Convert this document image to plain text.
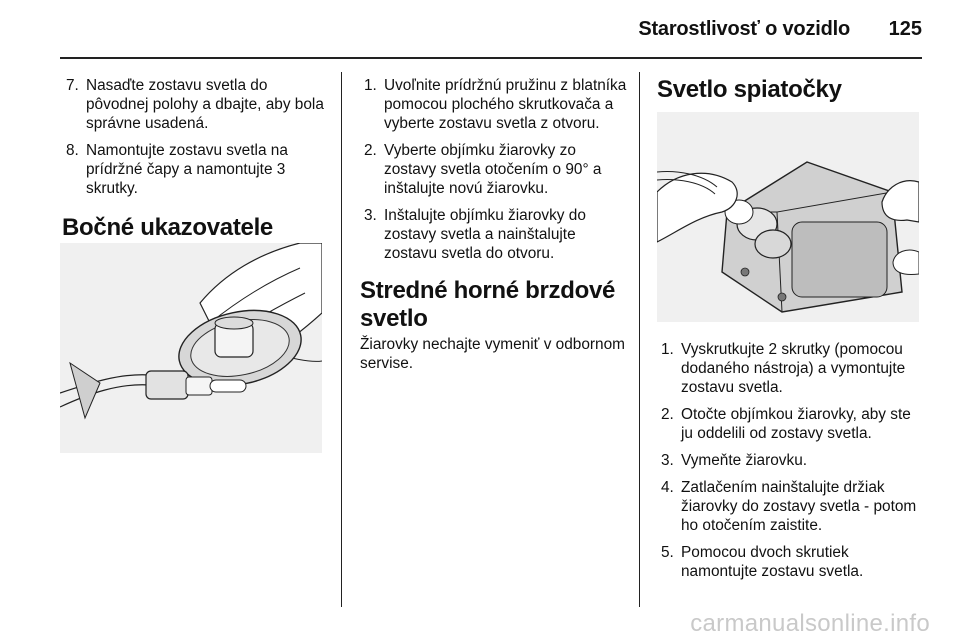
Starostlivosť o vozidlo	125
7. Nasaďte zostavu svetla do pôvodnej polohy a dbajte, aby bola správne usadená.
8. Namontujte zostavu svetla na prídržné čapy a namontujte 3 skrutky.
Bočné ukazovatele
1. Uvoľnite prídržnú pružinu z blatníka pomocou plochého skrutkovača a vyberte zostavu svetla z otvoru.
2. Vyberte objímku žiarovky zo zostavy svetla otočením o 90° a inštalujte novú žiarovku.
3. Inštalujte objímku žiarovky do zostavy svetla a nainštalujte zostavu svetla do otvoru.
Stredné horné brzdové svetlo

Žiarovky nechajte vymeniť v odbornom servise.

Svetlo spiatočky
1. Vyskrutkujte 2 skrutky (pomocou dodaného nástroja) a vymontujte zostavu svetla.
2. Otočte objímkou žiarovky, aby ste ju oddelili od zostavy svetla.
3. Vymeňte žiarovku.
4. Zatlačením nainštalujte držiak žiarovky do zostavy svetla - potom ho otočením zaistite.
5. Pomocou dvoch skrutiek namontujte zostavu svetla.
carmanualsonline.info
